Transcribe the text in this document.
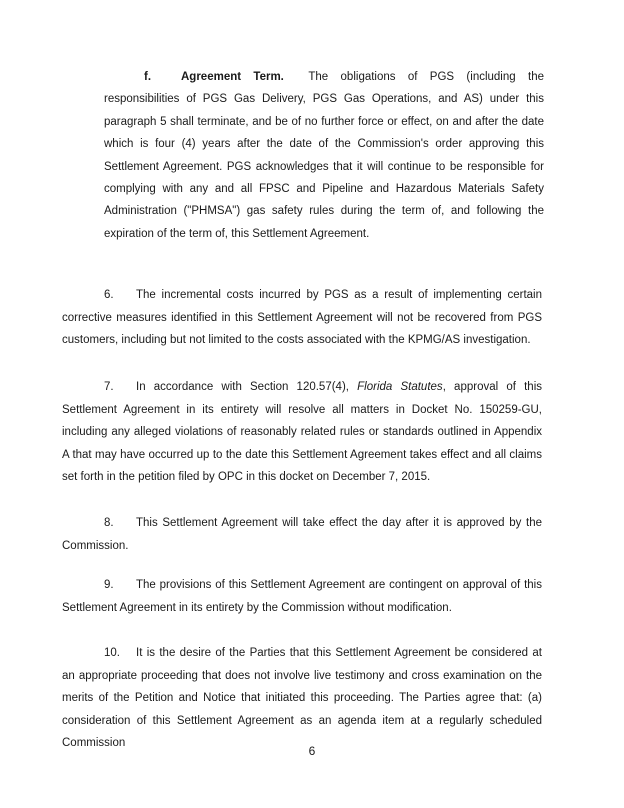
f.	Agreement Term. The obligations of PGS (including the responsibilities of PGS Gas Delivery, PGS Gas Operations, and AS) under this paragraph 5 shall terminate, and be of no further force or effect, on and after the date which is four (4) years after the date of the Commission's order approving this Settlement Agreement. PGS acknowledges that it will continue to be responsible for complying with any and all FPSC and Pipeline and Hazardous Materials Safety Administration ("PHMSA") gas safety rules during the term of, and following the expiration of the term of, this Settlement Agreement.

6. The incremental costs incurred by PGS as a result of implementing certain corrective measures identified in this Settlement Agreement will not be recovered from PGS customers, including but not limited to the costs associated with the KPMG/AS investigation.

7. In accordance with Section 120.57(4), Florida Statutes, approval of this Settlement Agreement in its entirety will resolve all matters in Docket No. 150259-GU, including any alleged violations of reasonably related rules or standards outlined in Appendix A that may have occurred up to the date this Settlement Agreement takes effect and all claims set forth in the petition filed by OPC in this docket on December 7, 2015.

8. This Settlement Agreement will take effect the day after it is approved by the Commission.

9. The provisions of this Settlement Agreement are contingent on approval of this Settlement Agreement in its entirety by the Commission without modification.

10. It is the desire of the Parties that this Settlement Agreement be considered at an appropriate proceeding that does not involve live testimony and cross examination on the merits of the Petition and Notice that initiated this proceeding. The Parties agree that: (a) consideration of this Settlement Agreement as an agenda item at a regularly scheduled Commission

6
